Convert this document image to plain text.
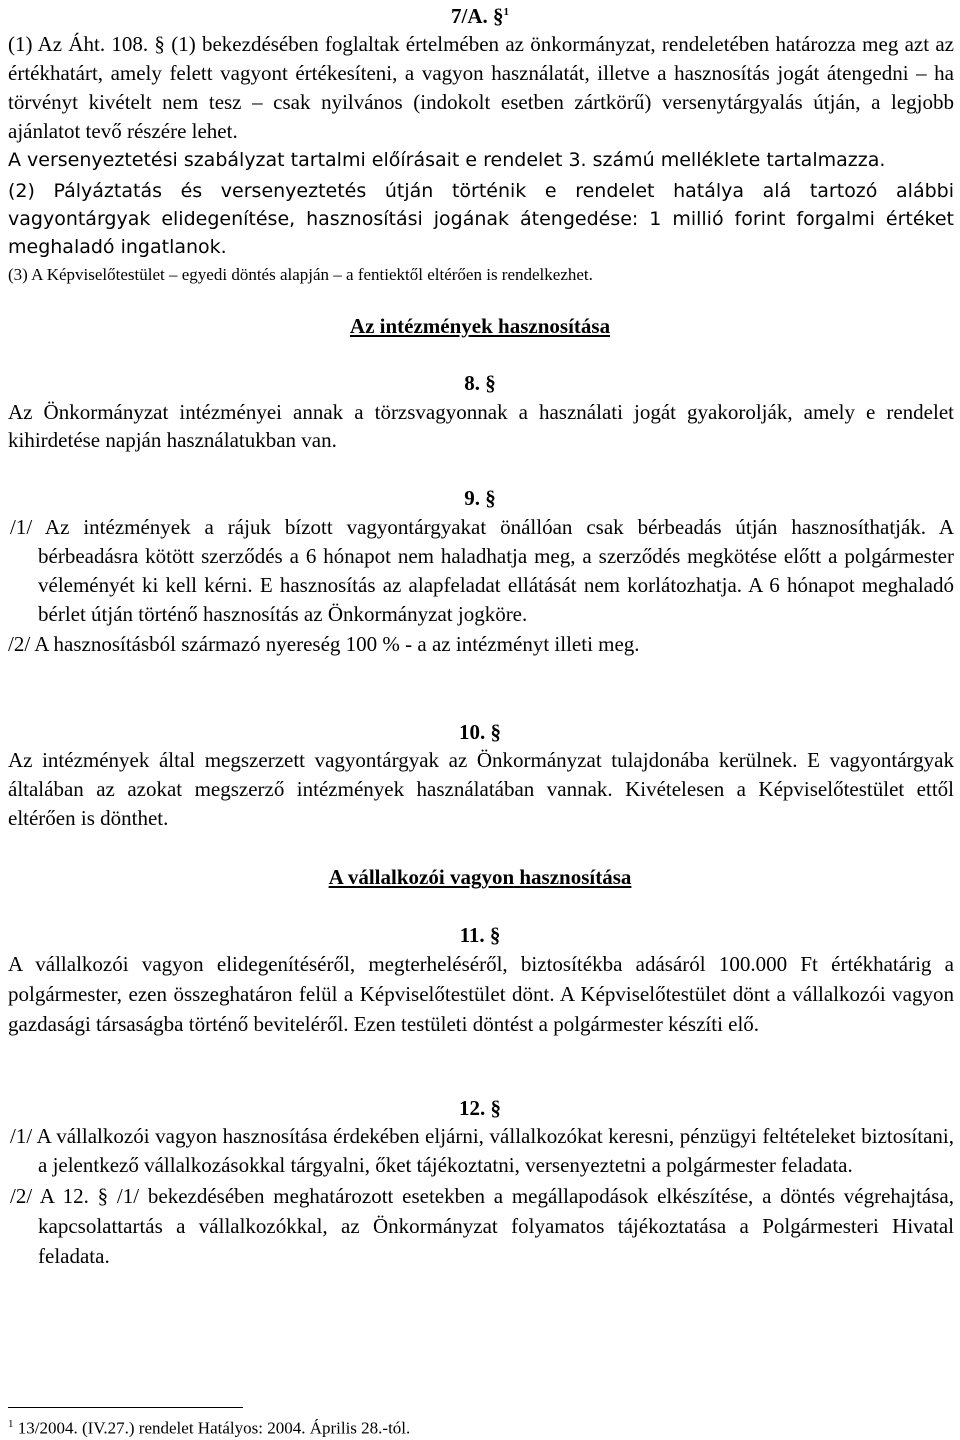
7/A. §$^1$

(1) Az Áht. 108. § (1) bekezdésében foglaltak értelmében az önkormányzat, rendeletében határozza meg azt az értékhatárt, amely felett vagyont értékesíteni, a vagyon használatát, illetve a hasznosítás jogát átengedni – ha törvényt kivételt nem tesz – csak nyilvános (indokolt esetben zártkörű) versenytárgyalás útján, a legjobb ajánlatot tevő részére lehet.

A versenyeztetési szabályzat tartalmi előírásait e rendelet 3. számú melléklete tartalmazza.

(2) Pályáztatás és versenyeztetés útján történik e rendelet hatálya alá tartozó alábbi vagyontárgyak elidegenítése, hasznosítási jogának átengedése: 1 millió forint forgalmi értéket meghaladó ingatlanok.

(3) A Képviselőtestület – egyedi döntés alapján – a fentiektől eltérően is rendelkezhet.

Az intézmények hasznosítása
8. §

Az Önkormányzat intézményei annak a törzsvagyonnak a használati jogát gyakorolják, amely e rendelet kihirdetése napján használatukban van.

9. §

/1/ Az intézmények a rájuk bízott vagyontárgyakat önállóan csak bérbeadás útján hasznosíthatják. A bérbeadásra kötött szerződés a 6 hónapot nem haladhatja meg, a szerződés megkötése előtt a polgármester véleményét ki kell kérni. E hasznosítás az alapfeladat ellátását nem korlátozhatja. A 6 hónapot meghaladó bérlet útján történő hasznosítás az Önkormányzat jogköre.

/2/ A hasznosításból származó nyereség 100 % - a az intézményt illeti meg.

10. §

Az intézmények által megszerzett vagyontárgyak az Önkormányzat tulajdonába kerülnek. E vagyontárgyak általában az azokat megszerző intézmények használatában vannak. Kivételesen a Képviselőtestület ettől eltérően is dönthet.

A vállalkozói vagyon hasznosítása
11. §

A vállalkozói vagyon elidegenítéséről, megterheléséről, biztosítékba adásáról 100.000 Ft értékhatárig a polgármester, ezen összeghatáron felül a Képviselőtestület dönt. A Képviselőtestület dönt a vállalkozói vagyon gazdasági társaságba történő beviteléről. Ezen testületi döntést a polgármester készíti elő.

12. §

/1/ A vállalkozói vagyon hasznosítása érdekében eljárni, vállalkozókat keresni, pénzügyi feltételeket biztosítani, a jelentkező vállalkozásokkal tárgyalni, őket tájékoztatni, versenyeztetni a polgármester feladata.

/2/ A 12. § /1/ bekezdésében meghatározott esetekben a megállapodások elkészítése, a döntés végrehajtása, kapcsolattartás a vállalkozókkal, az Önkormányzat folyamatos tájékoztatása a Polgármesteri Hivatal feladata.

$^1$ 13/2004. (IV.27.) rendelet Hatályos: 2004. Április 28.-tól.
